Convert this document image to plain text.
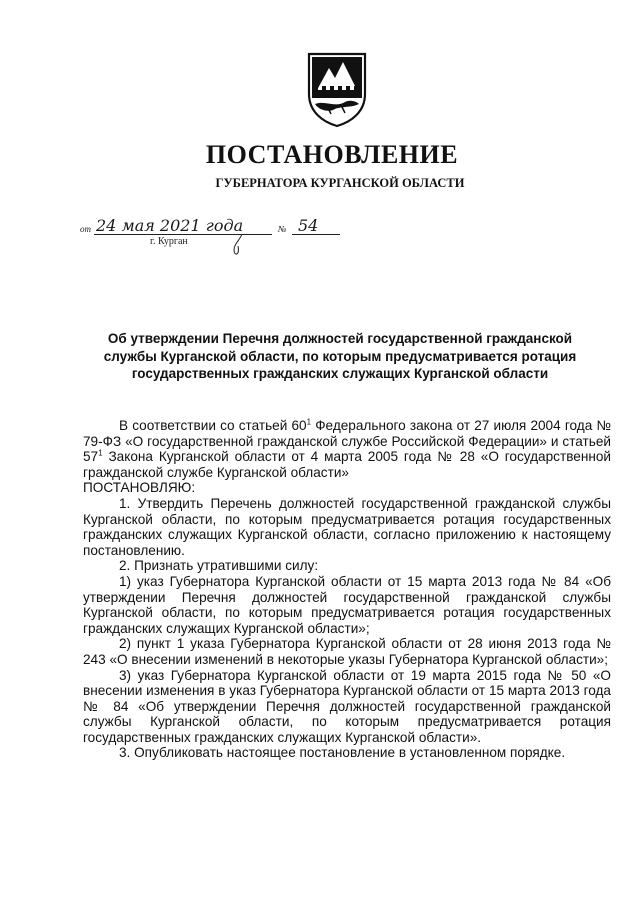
ПОСТАНОВЛЕНИЕ
ГУБЕРНАТОРА КУРГАНСКОЙ ОБЛАСТИ
от 24 мая 2021 года	№ 54
г. Курган
Об утверждении Перечня должностей государственной гражданской
службы Курганской области, по которым предусматривается ротация
государственных гражданских служащих Курганской области

В соответствии со статьей $60^1$ Федерального закона от 27 июля 2004 года № 79-ФЗ «О государственной гражданской службе Российской Федерации» и статьей $57^1$ Закона Курганской области от 4 марта 2005 года № 28 «О государственной гражданской службе Курганской области»

ПОСТАНОВЛЯЮ:

1. Утвердить Перечень должностей государственной гражданской службы Курганской области, по которым предусматривается ротация государственных гражданских служащих Курганской области, согласно приложению к настоящему постановлению.

2. Признать утратившими силу:

1) указ Губернатора Курганской области от 15 марта 2013 года № 84 «Об утверждении Перечня должностей государственной гражданской службы Курганской области, по которым предусматривается ротация государственных гражданских служащих Курганской области»;

2) пункт 1 указа Губернатора Курганской области от 28 июня 2013 года № 243 «О внесении изменений в некоторые указы Губернатора Курганской области»;

3) указ Губернатора Курганской области от 19 марта 2015 года № 50 «О внесении изменения в указ Губернатора Курганской области от 15 марта 2013 года № 84 «Об утверждении Перечня должностей государственной гражданской службы Курганской области, по которым предусматривается ротация государственных гражданских служащих Курганской области».

3. Опубликовать настоящее постановление в установленном порядке.
